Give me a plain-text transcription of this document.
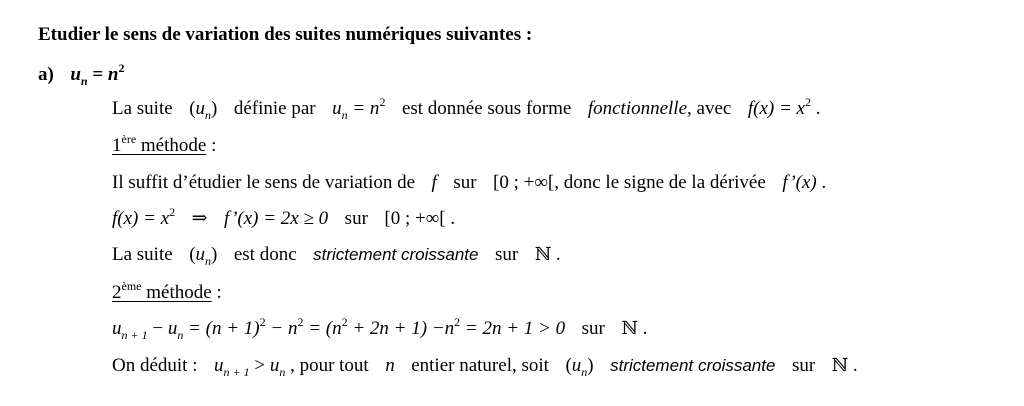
Etudier le sens de variation des suites numériques suivantes :
a) $u_n = n^2$
La suite $(u_n)$ définie par $u_n = n^2$ est donnée sous forme fonctionnelle, avec $f(x) = x^2$ .
1ère méthode :
Il suffit d’étudier le sens de variation de f sur [0 ; +∞[, donc le signe de la dérivée f’(x) .
$f(x) = x^2$ ⇒ f’(x) = 2x ≥ 0 sur [0 ; +∞[ .
La suite $(u_n)$ est donc strictement croissante sur ℕ .
2ème méthode :
$u_{n + 1} - u_n = (n + 1)^2 - n^2 = (n^2 + 2n + 1) -n^2 = 2n + 1 > 0$ sur ℕ .
On déduit : $u_{n + 1} > u_n$ , pour tout n entier naturel, soit $(u_n)$ strictement croissante sur ℕ .
